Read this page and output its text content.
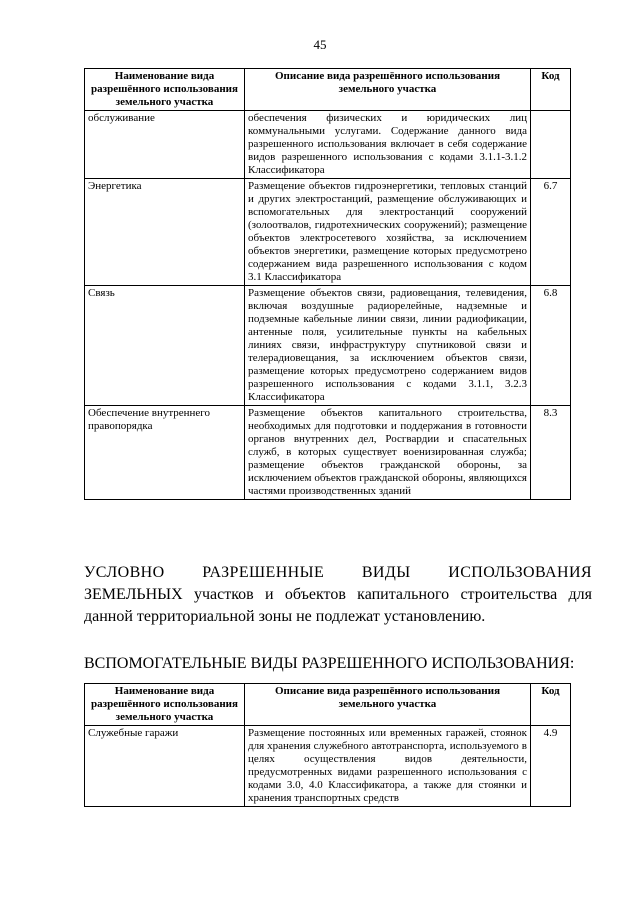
45
Наименование вида разрешённого использования земельного участка	Описание вида разрешённого использования земельного участка	Код
обслуживание	обеспечения физических и юридических лиц коммунальными услугами. Содержание данного вида разрешенного использования включает в себя содержание видов разрешенного использования с кодами 3.1.1-3.1.2 Классификатора	
Энергетика	Размещение объектов гидроэнергетики, тепловых станций и других электростанций, размещение обслуживающих и вспомогательных для электростанций сооружений (золоотвалов, гидротехнических сооружений); размещение объектов электросетевого хозяйства, за исключением объектов энергетики, размещение которых предусмотрено содержанием вида разрешенного использования с кодом 3.1 Классификатора	6.7
Связь	Размещение объектов связи, радиовещания, телевидения, включая воздушные радиорелейные, надземные и подземные кабельные линии связи, линии радиофикации, антенные поля, усилительные пункты на кабельных линиях связи, инфраструктуру спутниковой связи и телерадиовещания, за исключением объектов связи, размещение которых предусмотрено содержанием видов разрешенного использования с кодами 3.1.1, 3.2.3 Классификатора	6.8
Обеспечение внутреннего правопорядка	Размещение объектов капитального строительства, необходимых для подготовки и поддержания в готовности органов внутренних дел, Росгвардии и спасательных служб, в которых существует военизированная служба; размещение объектов гражданской обороны, за исключением объектов гражданской обороны, являющихся частями производственных зданий	8.3
УСЛОВНО РАЗРЕШЕННЫЕ ВИДЫ ИСПОЛЬЗОВАНИЯ
ЗЕМЕЛЬНЫХ участков и объектов капитального строительства для данной территориальной зоны не подлежат установлению.
ВСПОМОГАТЕЛЬНЫЕ ВИДЫ РАЗРЕШЕННОГО ИСПОЛЬЗОВАНИЯ:
Наименование вида разрешённого использования земельного участка	Описание вида разрешённого использования земельного участка	Код
Служебные гаражи	Размещение постоянных или временных гаражей, стоянок для хранения служебного автотранспорта, используемого в целях осуществления видов деятельности, предусмотренных видами разрешенного использования с кодами 3.0, 4.0 Классификатора, а также для стоянки и хранения транспортных средств	4.9
